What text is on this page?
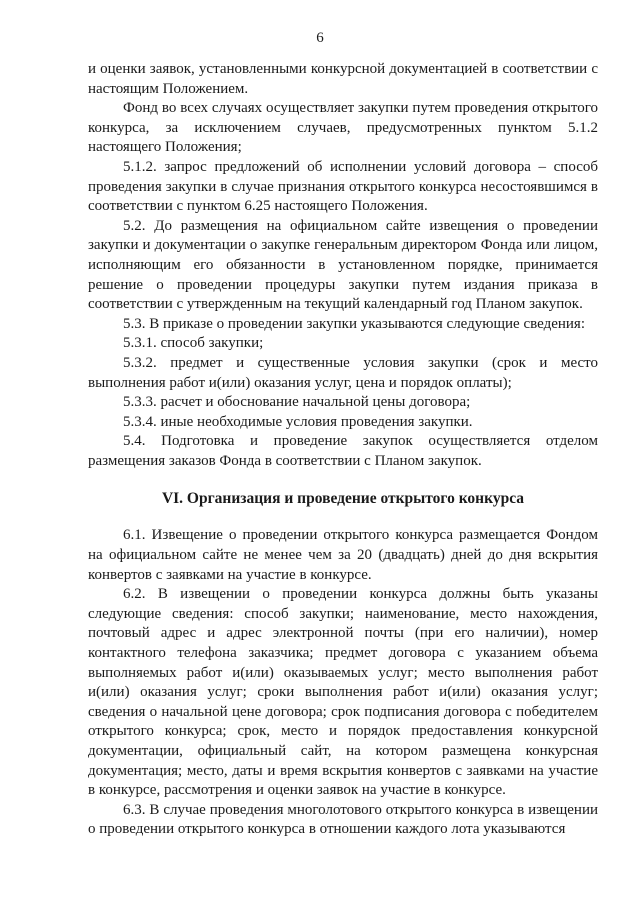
6

и оценки заявок, установленными конкурсной документацией в соответствии с настоящим Положением.

Фонд во всех случаях осуществляет закупки путем проведения открытого конкурса, за исключением случаев, предусмотренных пунктом 5.1.2 настоящего Положения;

5.1.2. запрос предложений об исполнении условий договора – способ проведения закупки в случае признания открытого конкурса несостоявшимся в соответствии с пунктом 6.25 настоящего Положения.

5.2. До размещения на официальном сайте извещения о проведении закупки и документации о закупке генеральным директором Фонда или лицом, исполняющим его обязанности в установленном порядке, принимается решение о проведении процедуры закупки путем издания приказа в соответствии с утвержденным на текущий календарный год Планом закупок.

5.3. В приказе о проведении закупки указываются следующие сведения:

5.3.1. способ закупки;

5.3.2. предмет и существенные условия закупки (срок и место выполнения работ и(или) оказания услуг, цена и порядок оплаты);

5.3.3. расчет и обоснование начальной цены договора;

5.3.4. иные необходимые условия проведения закупки.

5.4. Подготовка и проведение закупок осуществляется отделом размещения заказов Фонда в соответствии с Планом закупок.

VI. Организация и проведение открытого конкурса

6.1. Извещение о проведении открытого конкурса размещается Фондом на официальном сайте не менее чем за 20 (двадцать) дней до дня вскрытия конвертов с заявками на участие в конкурсе.

6.2. В извещении о проведении конкурса должны быть указаны следующие сведения: способ закупки; наименование, место нахождения, почтовый адрес и адрес электронной почты (при его наличии), номер контактного телефона заказчика; предмет договора с указанием объема выполняемых работ и(или) оказываемых услуг; место выполнения работ и(или) оказания услуг; сроки выполнения работ и(или) оказания услуг; сведения о начальной цене договора; срок подписания договора с победителем открытого конкурса; срок, место и порядок предоставления конкурсной документации, официальный сайт, на котором размещена конкурсная документация; место, даты и время вскрытия конвертов с заявками на участие в конкурсе, рассмотрения и оценки заявок на участие в конкурсе.

6.3. В случае проведения многолотового открытого конкурса в извещении о проведении открытого конкурса в отношении каждого лота указываются
